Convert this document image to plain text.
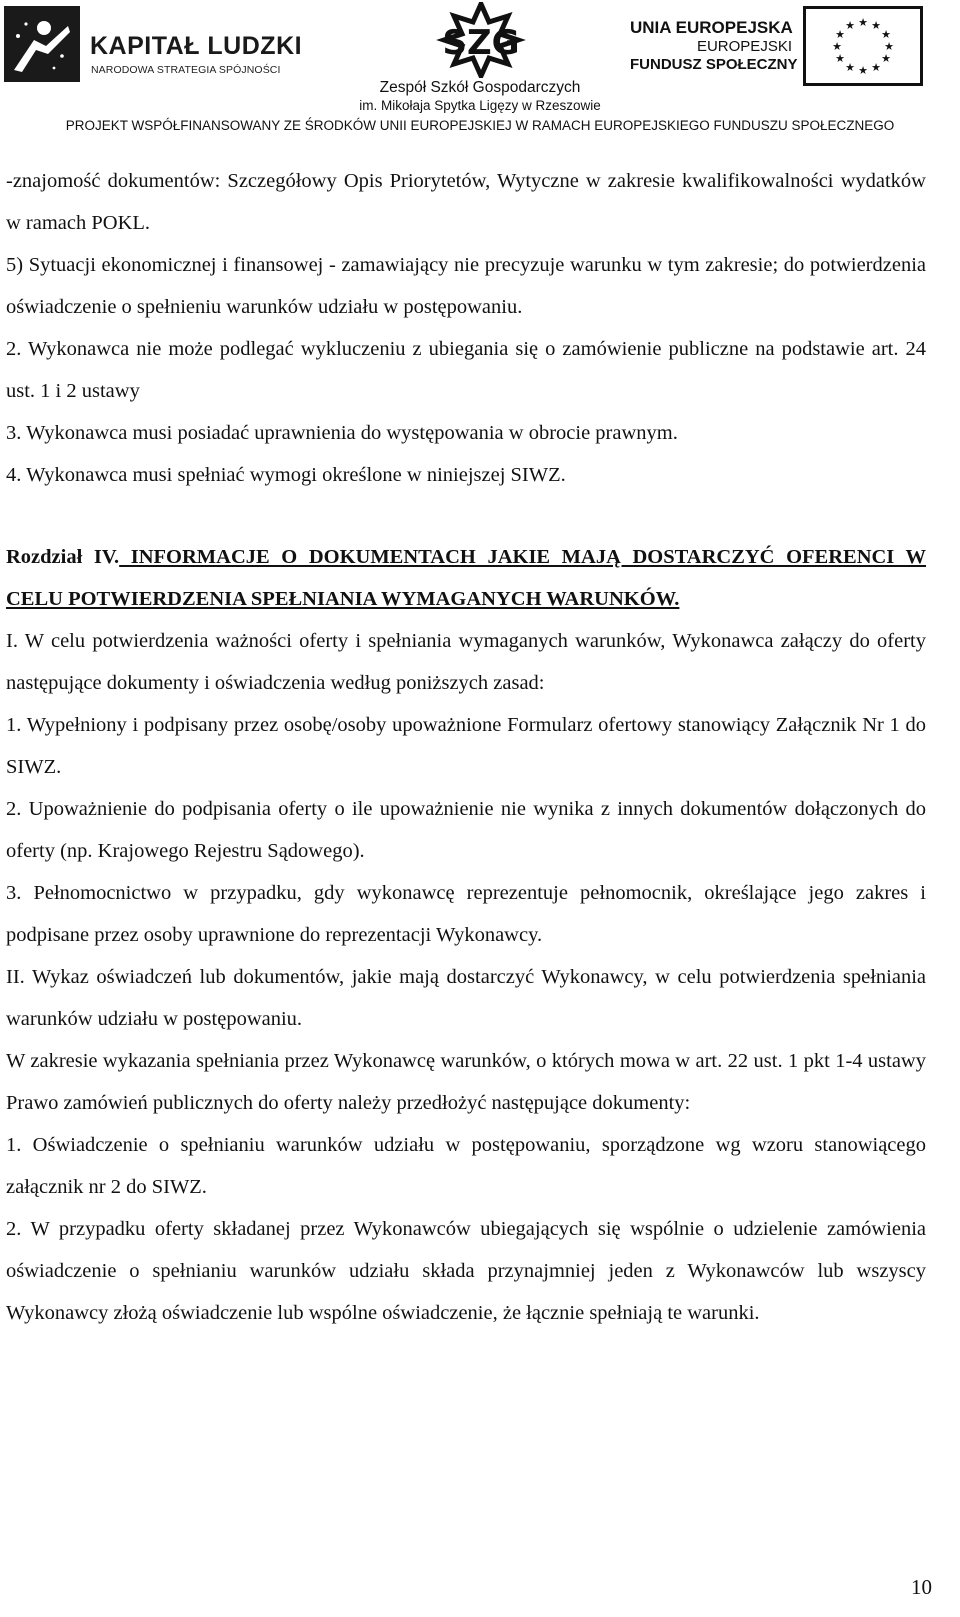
KAPITAŁ LUDZKI
NARODOWA STRATEGIA SPÓJNOŚCI
SZG
Zespół Szkół Gospodarczych
im. Mikołaja Spytka Ligęzy w Rzeszowie
UNIA EUROPEJSKA
EUROPEJSKI
FUNDUSZ SPOŁECZNY
★ ★
★
★
★
★
★
★
★
★
★
★
PROJEKT WSPÓŁFINANSOWANY ZE ŚRODKÓW UNII EUROPEJSKIEJ W RAMACH EUROPEJSKIEGO FUNDUSZU SPOŁECZNEGO

-znajomość dokumentów: Szczegółowy Opis Priorytetów, Wytyczne w zakresie kwalifikowalności wydatków w ramach POKL.

5) Sytuacji ekonomicznej i finansowej - zamawiający nie precyzuje warunku w tym zakresie; do potwierdzenia oświadczenie o spełnieniu warunków udziału w postępowaniu.

2. Wykonawca nie może podlegać wykluczeniu z ubiegania się o zamówienie publiczne na podstawie art. 24 ust. 1 i 2 ustawy

3. Wykonawca musi posiadać uprawnienia do występowania w obrocie prawnym.

4. Wykonawca musi spełniać wymogi określone w niniejszej SIWZ.

Rozdział IV. INFORMACJE O DOKUMENTACH JAKIE MAJĄ DOSTARCZYĆ OFERENCI W CELU POTWIERDZENIA SPEŁNIANIA WYMAGANYCH WARUNKÓW.

I. W celu potwierdzenia ważności oferty i spełniania wymaganych warunków, Wykonawca załączy do oferty następujące dokumenty i oświadczenia według poniższych zasad:

1. Wypełniony i podpisany przez osobę/osoby upoważnione Formularz ofertowy stanowiący Załącznik Nr 1 do SIWZ.

2. Upoważnienie do podpisania oferty o ile upoważnienie nie wynika z innych dokumentów dołączonych do oferty (np. Krajowego Rejestru Sądowego).

3. Pełnomocnictwo w przypadku, gdy wykonawcę reprezentuje pełnomocnik, określające jego zakres i podpisane przez osoby uprawnione do reprezentacji Wykonawcy.

II. Wykaz oświadczeń lub dokumentów, jakie mają dostarczyć Wykonawcy, w celu potwierdzenia spełniania warunków udziału w postępowaniu.

W zakresie wykazania spełniania przez Wykonawcę warunków, o których mowa w art. 22 ust. 1 pkt 1-4 ustawy Prawo zamówień publicznych do oferty należy przedłożyć następujące dokumenty:

1. Oświadczenie o spełnianiu warunków udziału w postępowaniu, sporządzone wg wzoru stanowiącego załącznik nr 2 do SIWZ.

2. W przypadku oferty składanej przez Wykonawców ubiegających się wspólnie o udzielenie zamówienia oświadczenie o spełnianiu warunków udziału składa przynajmniej jeden z Wykonawców lub wszyscy Wykonawcy złożą oświadczenie lub wspólne oświadczenie, że łącznie spełniają te warunki.

10
